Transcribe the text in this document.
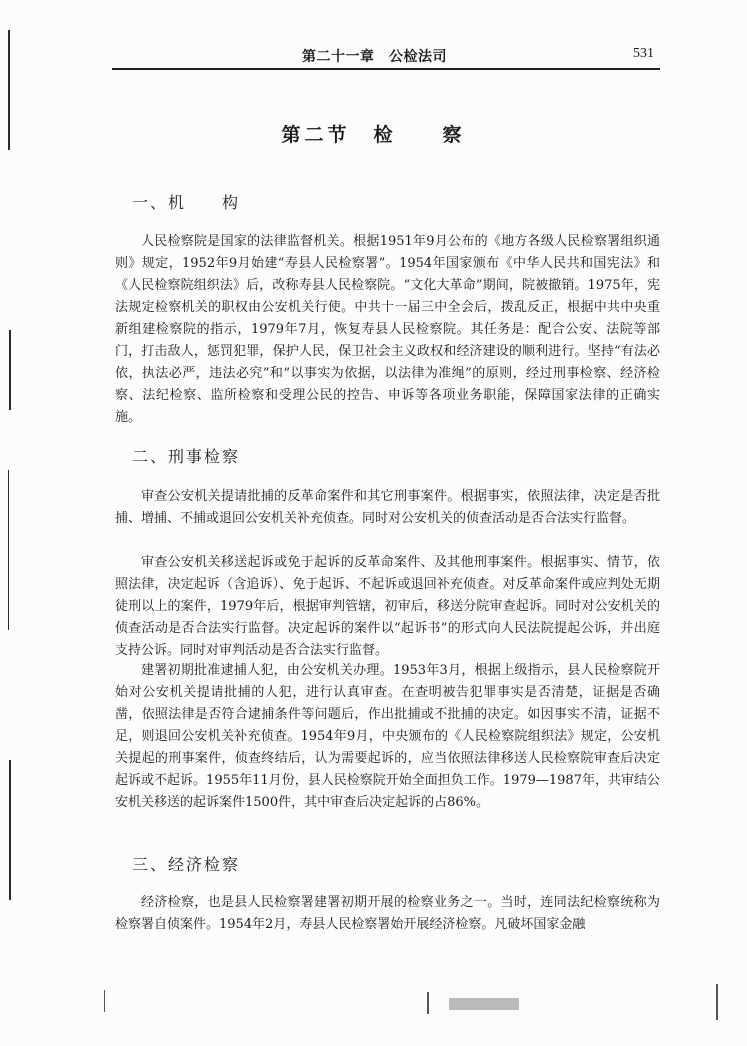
第二十一章　公检法司	531
第二节　检　　察
一、机　　构

人民检察院是国家的法律监督机关。根据1951年9月公布的《地方各级人民检察署组织通则》规定，1952年9月始建“寿县人民检察署”。1954年国家颁布《中华人民共和国宪法》和《人民检察院组织法》后，改称寿县人民检察院。“文化大革命”期间，院被撤销。1975年，宪法规定检察机关的职权由公安机关行使。中共十一届三中全会后，拨乱反正，根据中共中央重新组建检察院的指示，1979年7月，恢复寿县人民检察院。其任务是：配合公安、法院等部门，打击敌人，惩罚犯罪，保护人民，保卫社会主义政权和经济建设的顺利进行。坚持“有法必依，执法必严，违法必究”和“以事实为依据，以法律为准绳”的原则，经过刑事检察、经济检察、法纪检察、监所检察和受理公民的控告、申诉等各项业务职能，保障国家法律的正确实施。

二、刑事检察

审查公安机关提请批捕的反革命案件和其它刑事案件。根据事实，依照法律，决定是否批捕、增捕、不捕或退回公安机关补充侦查。同时对公安机关的侦查活动是否合法实行监督。

审查公安机关移送起诉或免于起诉的反革命案件、及其他刑事案件。根据事实、情节，依照法律，决定起诉（含追诉）、免于起诉、不起诉或退回补充侦查。对反革命案件或应判处无期徒刑以上的案件，1979年后，根据审判管辖，初审后，移送分院审查起诉。同时对公安机关的侦查活动是否合法实行监督。决定起诉的案件以“起诉书”的形式向人民法院提起公诉，并出庭支持公诉。同时对审判活动是否合法实行监督。

建署初期批准逮捕人犯，由公安机关办理。1953年3月，根据上级指示，县人民检察院开始对公安机关提请批捕的人犯，进行认真审查。在查明被告犯罪事实是否清楚，证据是否确凿，依照法律是否符合逮捕条件等问题后，作出批捕或不批捕的决定。如因事实不清，证据不足，则退回公安机关补充侦查。1954年9月，中央颁布的《人民检察院组织法》规定，公安机关提起的刑事案件，侦查终结后，认为需要起诉的，应当依照法律移送人民检察院审查后决定起诉或不起诉。1955年11月份，县人民检察院开始全面担负工作。1979—1987年，共审结公安机关移送的起诉案件1500件，其中审查后决定起诉的占86%。

三、经济检察

经济检察，也是县人民检察署建署初期开展的检察业务之一。当时，连同法纪检察统称为检察署自侦案件。1954年2月，寿县人民检察署始开展经济检察。凡破坏国家金融
